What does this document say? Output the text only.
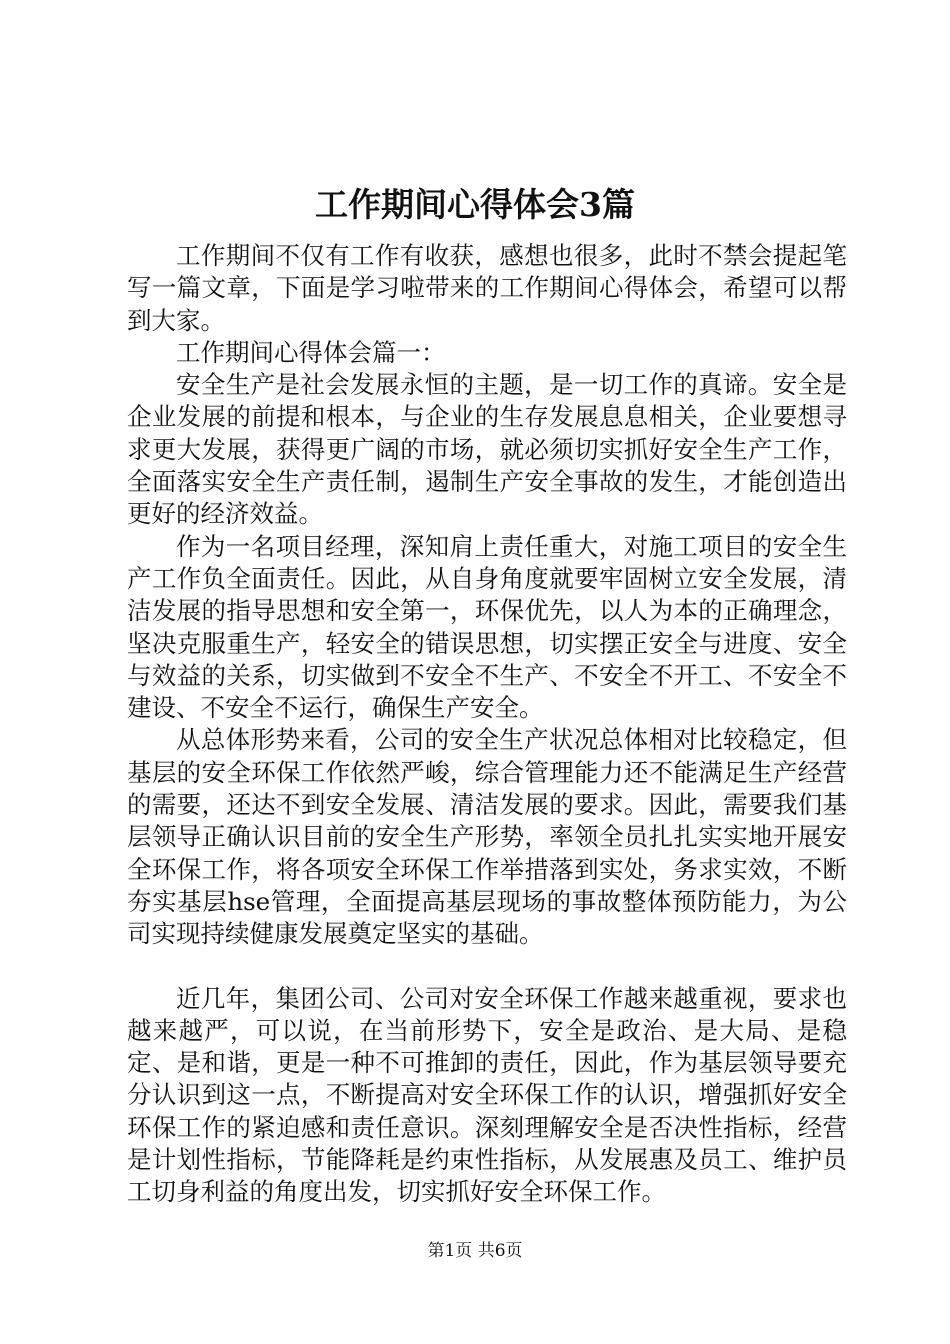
工作期间心得体会3篇

工作期间不仅有工作有收获，感想也很多，此时不禁会提起笔写一篇文章，下面是学习啦带来的工作期间心得体会，希望可以帮到大家。

工作期间心得体会篇一：

安全生产是社会发展永恒的主题，是一切工作的真谛。安全是企业发展的前提和根本，与企业的生存发展息息相关，企业要想寻求更大发展，获得更广阔的市场，就必须切实抓好安全生产工作，全面落实安全生产责任制，遏制生产安全事故的发生，才能创造出更好的经济效益。

作为一名项目经理，深知肩上责任重大，对施工项目的安全生产工作负全面责任。因此，从自身角度就要牢固树立安全发展，清洁发展的指导思想和安全第一，环保优先，以人为本的正确理念，坚决克服重生产，轻安全的错误思想，切实摆正安全与进度、安全与效益的关系，切实做到不安全不生产、不安全不开工、不安全不建设、不安全不运行，确保生产安全。

从总体形势来看，公司的安全生产状况总体相对比较稳定，但基层的安全环保工作依然严峻，综合管理能力还不能满足生产经营的需要，还达不到安全发展、清洁发展的要求。因此，需要我们基层领导正确认识目前的安全生产形势，率领全员扎扎实实地开展安全环保工作，将各项安全环保工作举措落到实处，务求实效，不断夯实基层hse管理，全面提高基层现场的事故整体预防能力，为公司实现持续健康发展奠定坚实的基础。

近几年，集团公司、公司对安全环保工作越来越重视，要求也越来越严，可以说，在当前形势下，安全是政治、是大局、是稳定、是和谐，更是一种不可推卸的责任，因此，作为基层领导要充分认识到这一点，不断提高对安全环保工作的认识，增强抓好安全环保工作的紧迫感和责任意识。深刻理解安全是否决性指标，经营是计划性指标，节能降耗是约束性指标，从发展惠及员工、维护员工切身利益的角度出发，切实抓好安全环保工作。

第1页 共6页
